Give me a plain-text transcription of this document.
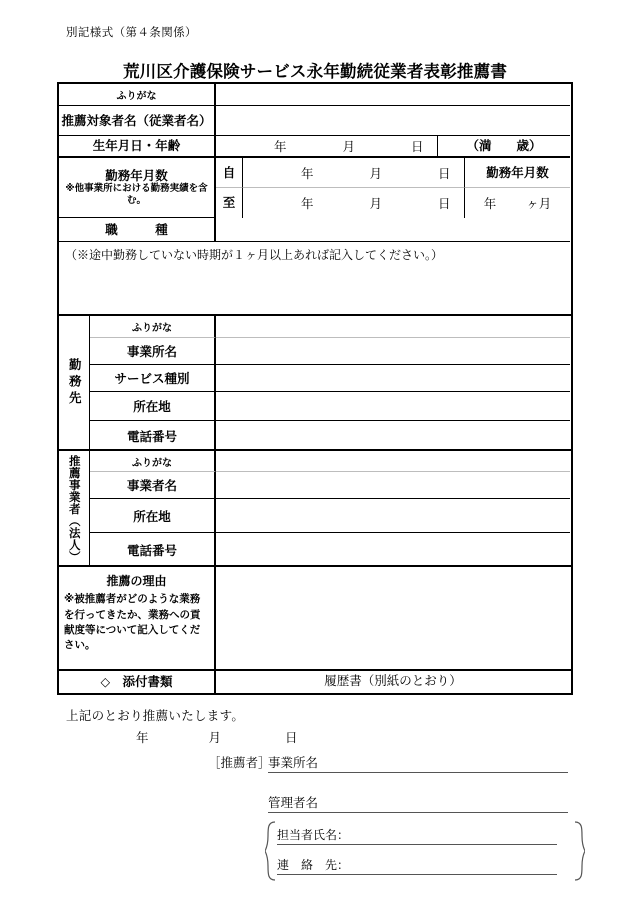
別記様式（第４条関係）
荒川区介護保険サービス永年勤続従業者表彰推薦書
ふりがな
推薦対象者名（従業者名）
生年月日・年齢	年	月	日	（満　　歳）
勤務年月数
※他事業所における勤務実績を含む。
自	年	月	日	勤務年月数
至	年	月	日	年 ヶ月
職　　　種
（※途中勤務していない時期が１ヶ月以上あれば記入してください。）
勤務先
ふりがな
事業所名
サービス種別
所在地
電話番号
推薦事業者（法人）	ふりがな
事業者名
所在地
電話番号
推薦の理由
※被推薦者がどのような業務を行ってきたか、業務への貢献度等について記入してください。
◇　添付書類	履歴書（別紙のとおり）
上記のとおり推薦いたします。
年	月	日
［推薦者］
事業所名
管理者名
担当者氏名：
連　絡　先：
